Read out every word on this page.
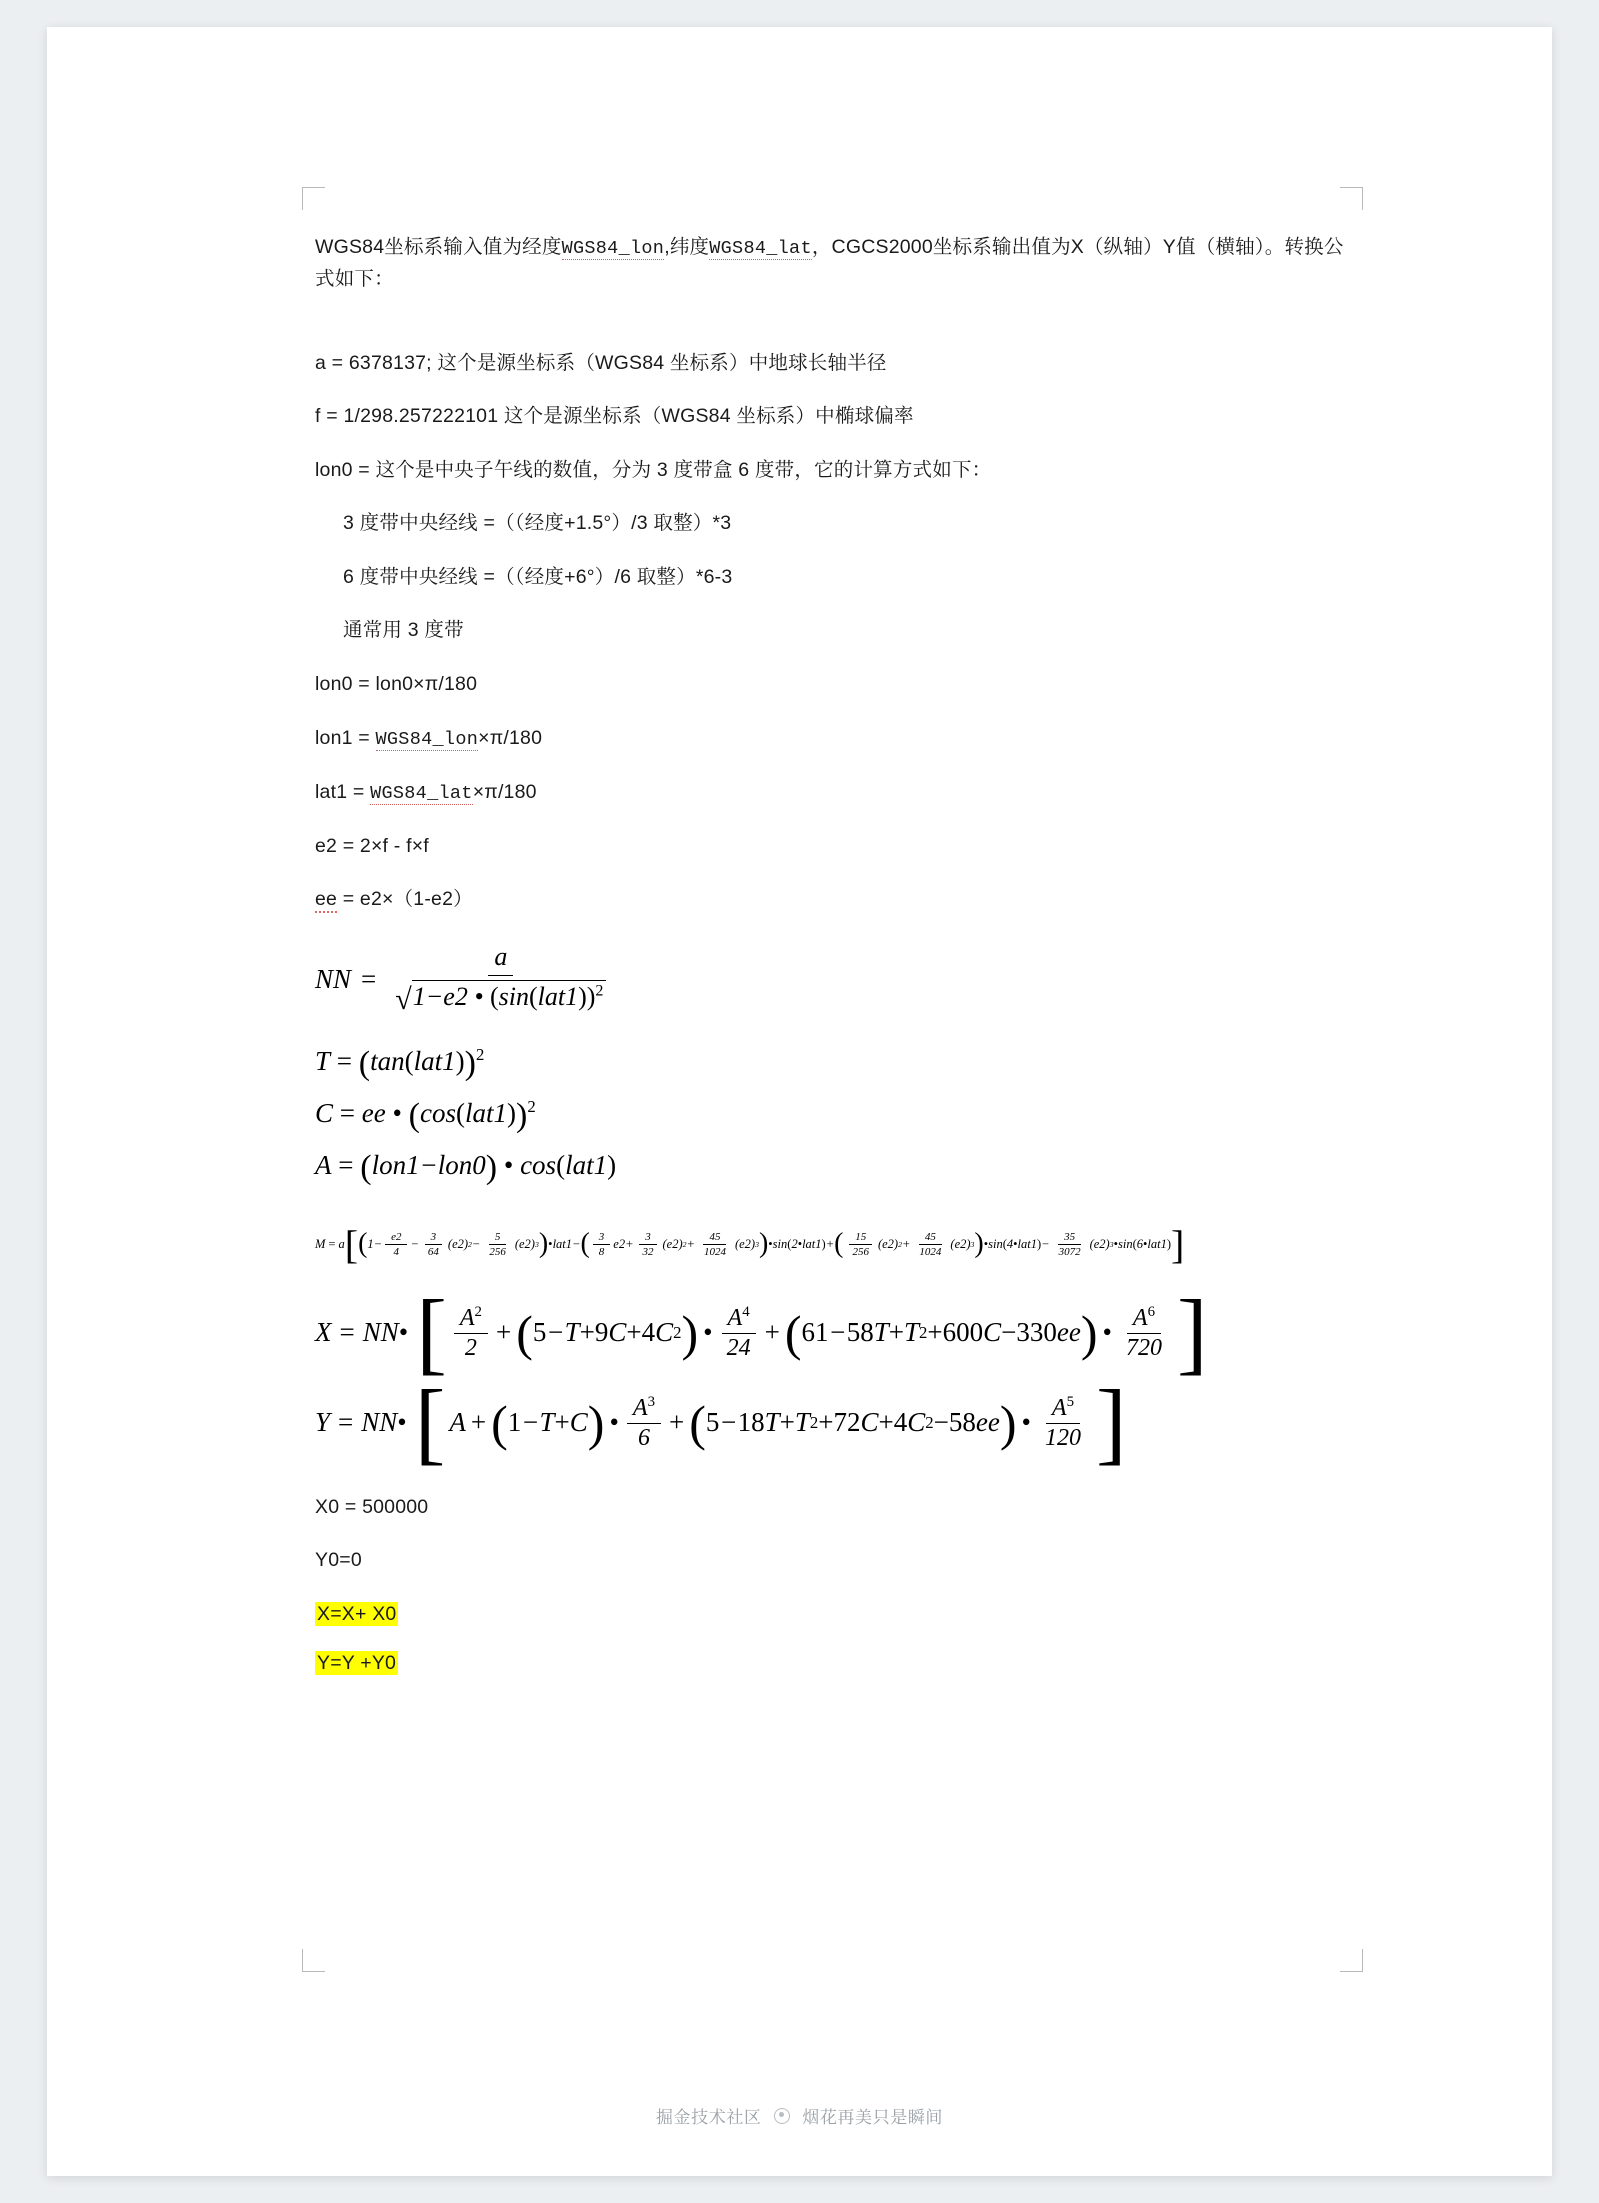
WGS84坐标系输入值为经度WGS84_lon,纬度WGS84_lat，CGCS2000坐标系输出值为X（纵轴）Y值（横轴）。转换公式如下：

a = 6378137; 这个是源坐标系（WGS84 坐标系）中地球长轴半径

f = 1/298.257222101 这个是源坐标系（WGS84 坐标系）中椭球偏率

lon0 = 这个是中央子午线的数值，分为 3 度带盒 6 度带，它的计算方式如下：

3 度带中央经线 =（（经度+1.5°）/3 取整）*3

6 度带中央经线 =（（经度+6°）/6 取整）*6-3

通常用 3 度带

lon0 = lon0×π/180

lon1 = WGS84_lon×π/180

lat1 = WGS84_lat×π/180

e2 = 2×f - f×f

ee = e2×（1-e2）

NN = $\frac{a}{√1-e2 • (\sin(lat1))^2}$
$T = (\tan(lat1))^2$
C = ee • $(\cos(lat1))^2$
A = (lon1−lon0) • cos(lat1)
M = a [ ( $1- \frac{e2}{4} - \frac{3}{64} (e2) 2 - \frac{5}{256} (e2)$ 3 ) • lat1− ( $\frac{3}{8} e2+ \frac{3}{32} (e2) 2 + \frac{45}{1024} (e2)$ 3 ) • sin ( 2 • lat1 ) + ( $\frac{15}{256} (e2) 2 + \frac{45}{1024} (e2)$ 3 ) • sin ( 4 • lat1 ) − $\frac{35}{3072} (e2)$ 3 • sin ( 6 • lat1 ) ]
X = NN • [ $\frac{A^2}{2}$ + ( 5 −T +9 C +4 C 2 ) • $\frac{A^4}{24}$ + ( 61 − 58 T + T 2 +600 C −330 ee ) • $\frac{A^6}{720}$ ]
Y = NN • [ A + ( 1 −T + C ) • $\frac{A^3}{6}$ + ( 5 − 18 T + T 2 +72 C +4 C 2 −58 ee ) • $\frac{A^5}{120}$ ]

X0 = 500000

Y0=0

X=X+ X0

Y=Y +Y0

掘金技术社区 烟花再美只是瞬间
